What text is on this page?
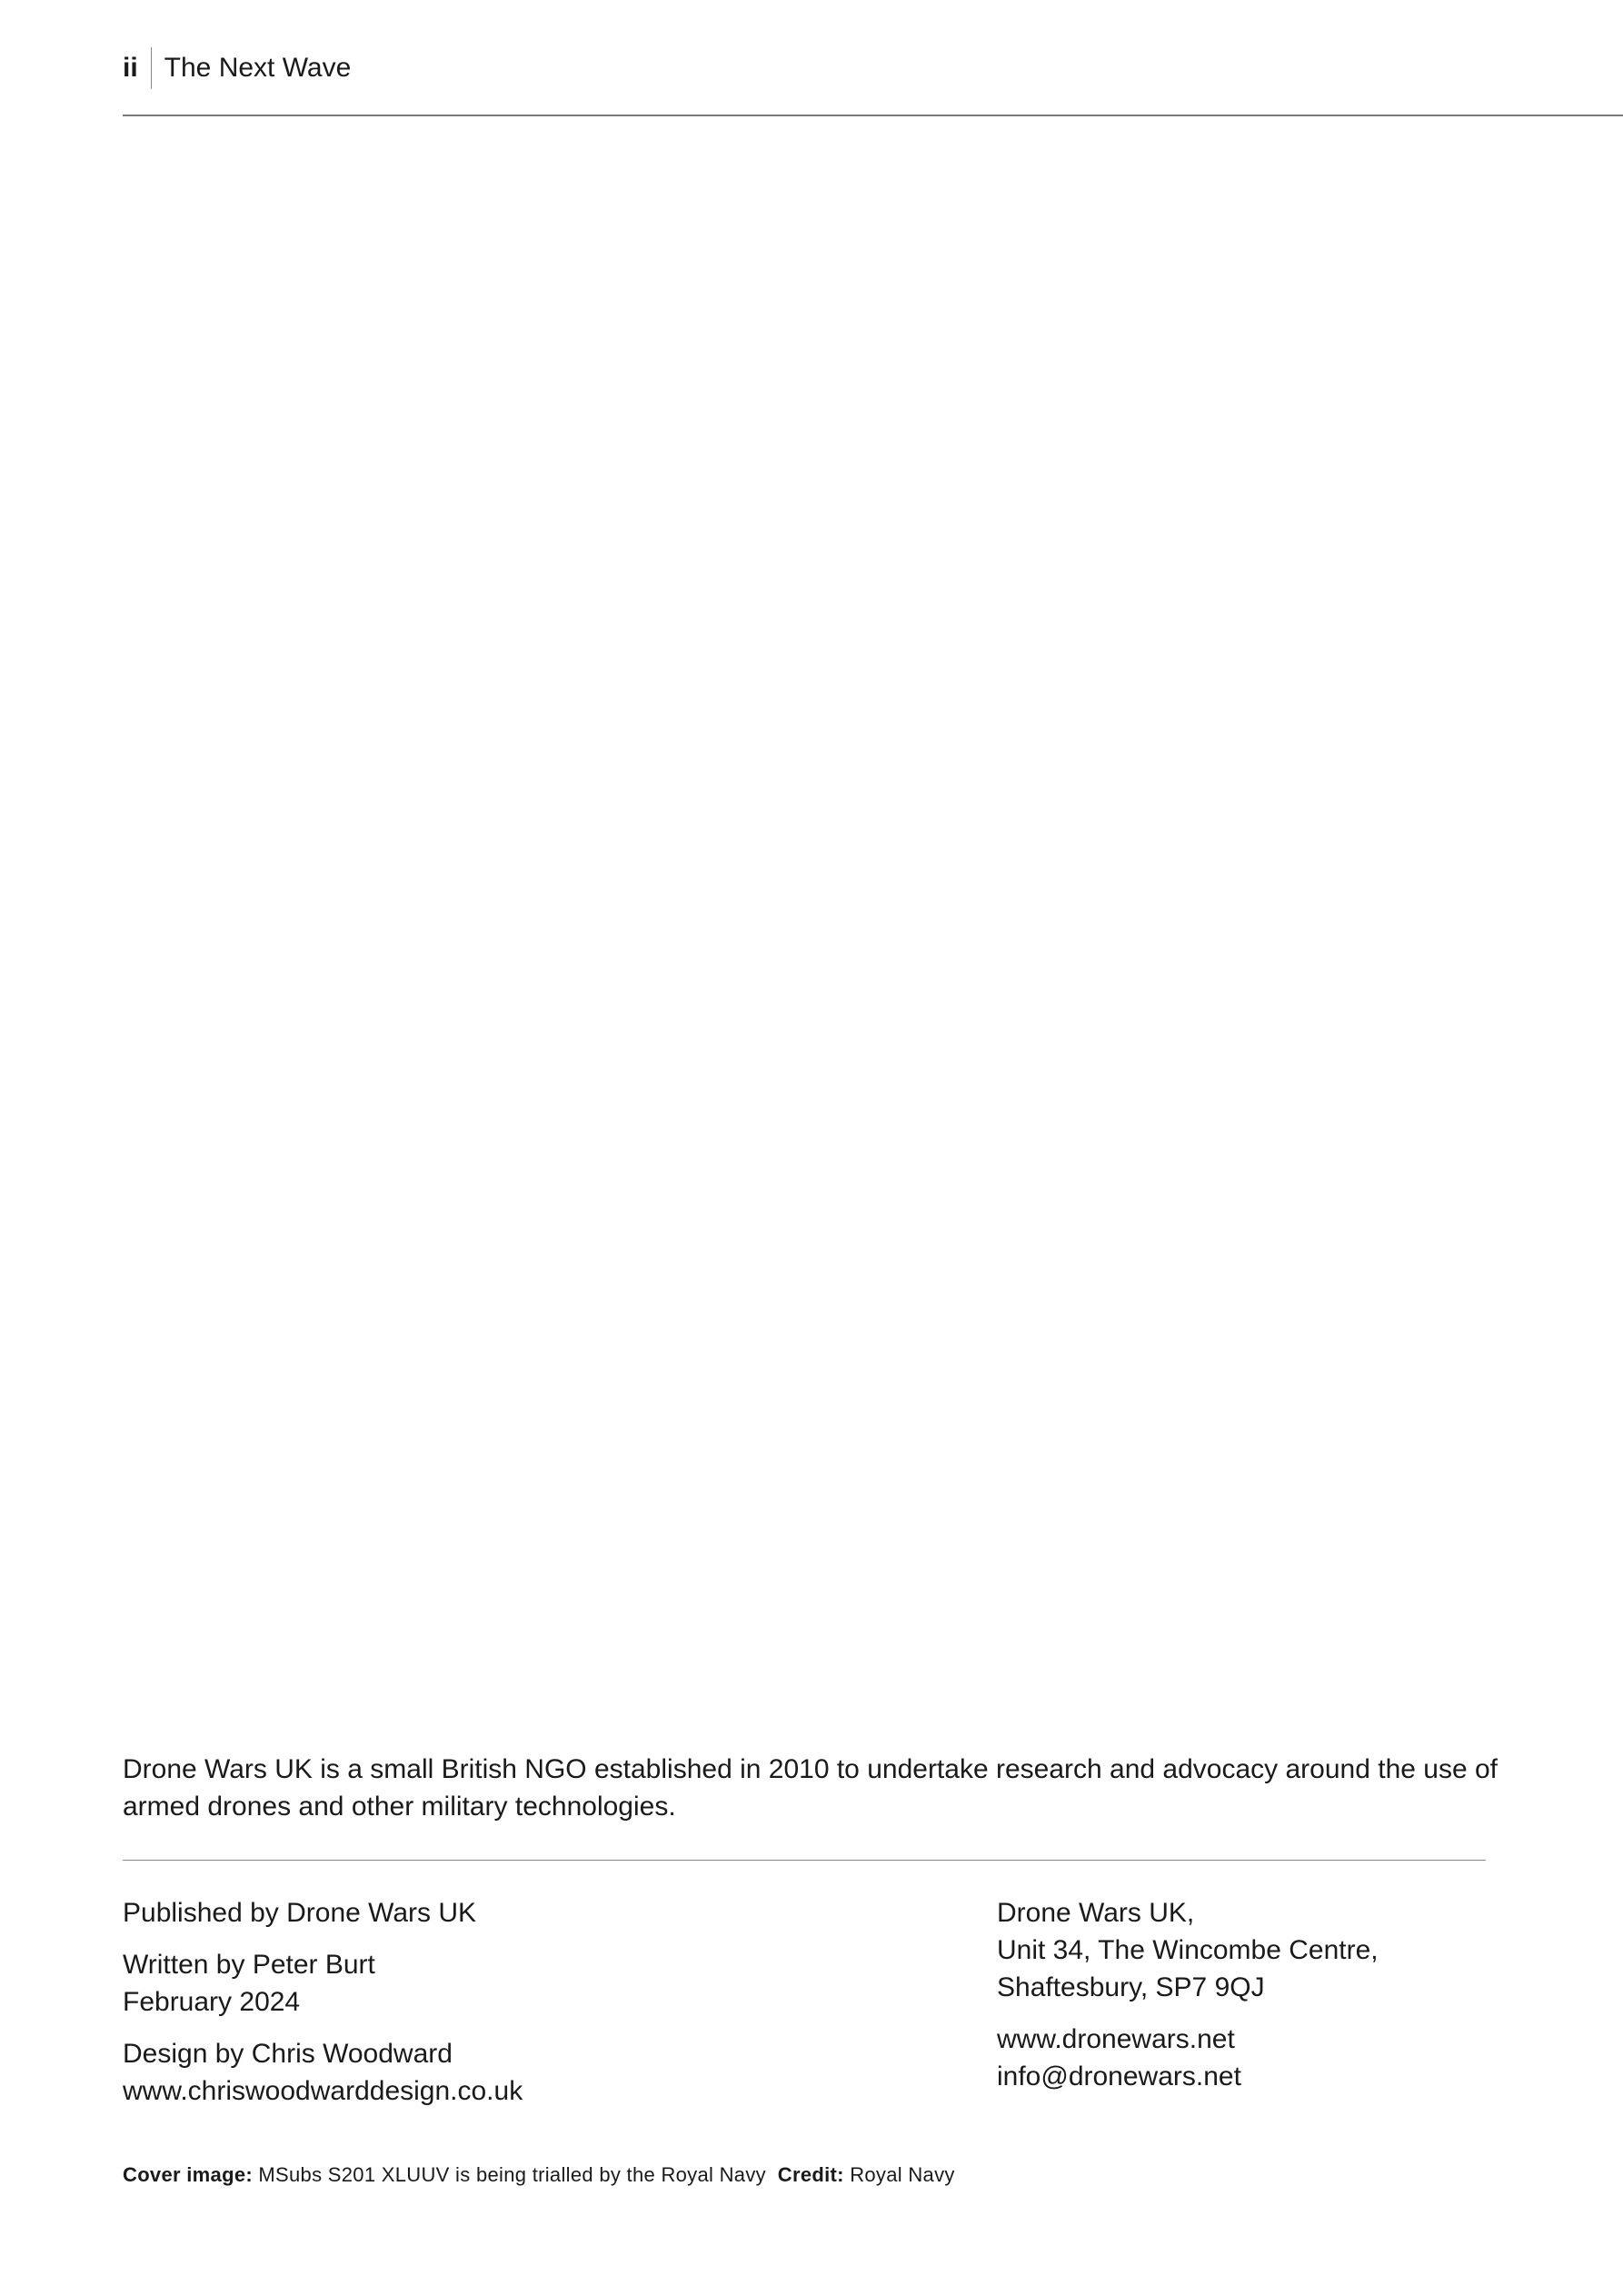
ii The Next Wave

Drone Wars UK is a small British NGO established in 2010 to undertake research and advocacy around the use of armed drones and other military technologies.

Published by Drone Wars UK
Written by Peter Burt
February 2024
Design by Chris Woodward
www.chriswoodwarddesign.co.uk
Drone Wars UK,
Unit 34, The Wincombe Centre,
Shaftesbury, SP7 9QJ
www.dronewars.net
info@dronewars.net
Cover image: MSubs S201 XLUUV is being trialled by the Royal Navy Credit: Royal Navy
